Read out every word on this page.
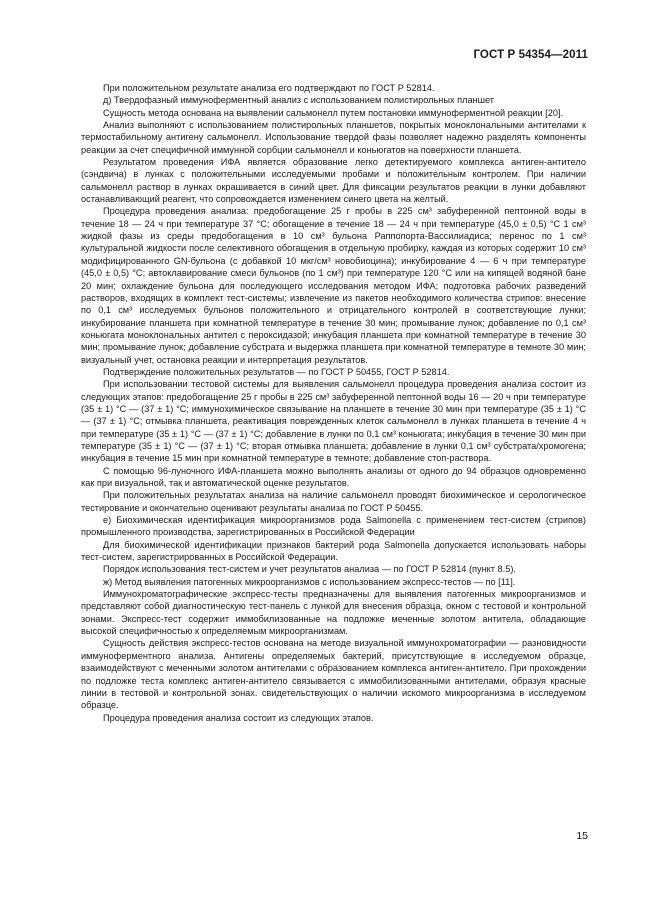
ГОСТ Р 54354—2011

При положительном результате анализа его подтверждают по ГОСТ Р 52814.

д) Твердофазный иммуноферментный анализ с использованием полистирольных планшет

Сущность метода основана на выявлении сальмонелл путем постановки иммуноферментной реакции [20].

Анализ выполняют с использованием полистирольных планшетов, покрытых моноклональными антителами к термостабильному антигену сальмонелл. Использование твердой фазы позволяет надежно разделять компоненты реакции за счет специфичной иммунной сорбции сальмонелл и коньюгатов на поверхности планшета.

Результатом проведения ИФА является образование легко детектируемого комплекса антиген-антитело (сэндвича) в лунках с положительными исследуемыми пробами и положительным контролем. При наличии сальмонелл раствор в лунках окрашивается в синий цвет. Для фиксации результатов реакции в лунки добавляют останавливающий реагент, что сопровождается изменением синего цвета на желтый.

Процедура проведения анализа: предобогащение 25 г пробы в 225 см³ забуференной пептонной воды в течение 18 — 24 ч при температуре 37 °С; обогащение в течение 18 — 24 ч при температуре (45,0 ± 0,5) °С 1 см³ жидкой фазы из среды предобогащения в 10 см³ бульона Раппопорта-Вассилиадиса; перенос по 1 см³ культуральной жидкости после селективного обогащения в отдельную пробирку, каждая из которых содержит 10 см³ модифицированного GN-бульона (с добавкой 10 мкг/см³ новобиоцина); инкубирование 4 — 6 ч при температуре (45,0 ± 0,5) °С; автоклавирование смеси бульонов (по 1 см³) при температуре 120 °С или на кипящей водяной бане 20 мин; охлаждение бульона для последующего исследования методом ИФА; подготовка рабочих разведений растворов, входящих в комплект тест-системы; извлечение из пакетов необходимого количества стрипов: внесение по 0,1 см³ исследуемых бульонов положительного и отрицательного контролей в соответствующие лунки; инкубирование планшета при комнатной температуре в течение 30 мин; промывание лунок; добавление по 0,1 см³ коньюгата моноклональных антител с пероксидазой; инкубация планшета при комнатной температуре в течение 30 мин; промывание лунок; добавление субстрата и выдержка планшета при комнатной температуре в темноте 30 мин; визуальный учет, остановка реакции и интерпретация результатов.

Подтверждение положительных результатов — по ГОСТ Р 50455, ГОСТ Р 52814.

При использовании тестовой системы для выявления сальмонелл процедура проведения анализа состоит из следующих этапов: предобогащение 25 г пробы в 225 см³ забуференной пептонной воды 16 — 20 ч при температуре (35 ± 1) °С — (37 ± 1) °С; иммунохимическое связывание на планшете в течение 30 мин при температуре (35 ± 1) °С — (37 ± 1) °С; отмывка планшета, реактивация поврежденных клеток сальмонелл в лунках планшета в течение 4 ч при температуре (35 ± 1) °С — (37 ± 1) °С; добавление в лунки по 0,1 см³ коньюгата; инкубация в течение 30 мин при температуре (35 ± 1) °С — (37 ± 1) °С; вторая отмывка планшета; добавление в лунки 0,1 см³ субстрата/хромогена; инкубация в течение 15 мин при комнатной температуре в темноте; добавление стоп-раствора.

С помощью 96-луночного ИФА-планшета можно выполнять анализы от одного до 94 образцов одновременно как при визуальной, так и автоматической оценке результатов.

При положительных результатах анализа на наличие сальмонелл проводят биохимическое и серологическое тестирование и окончательно оценивают результаты анализа по ГОСТ Р 50455.

е) Биохимическая идентификация микроорганизмов рода Salmonella с применением тест-систем (стрипов) промышленного производства, зарегистрированных в Российской Федерации

Для биохимической идентификации признаков бактерий рода Salmonella допускается использовать наборы тест-систем, зарегистрированных в Российской Федерации.

Порядок использования тест-систем и учет результатов анализа — по ГОСТ Р 52814 (пункт 8.5).

ж) Метод выявления патогенных микроорганизмов с использованием экспресс-тестов — по [11].

Иммунохроматографические экспресс-тесты предназначены для выявления патогенных микроорганизмов и представляют собой диагностическую тест-панель с лункой для внесения образца, окном с тестовой и контрольной зонами. Экспресс-тест содержит иммобилизованные на подложке меченные золотом антитела, обладающие высокой специфичностью к определяемым микроорганизмам.

Сущность действия экспресс-тестов основана на методе визуальной иммунохроматографии — разновидности иммуноферментного анализа. Антигены определяемых бактерий, присутствующие в исследуемом образце, взаимодействуют с меченными золотом антителами с образованием комплекса антиген-антитело. При прохождении по подложке теста комплекс антиген-антитело связывается с иммобилизованными антителами, образуя красные линии в тестовой и контрольной зонах. свидетельствующих о наличии искомого микроорганизма в исследуемом образце.

Процедура проведения анализа состоит из следующих этапов.

15
